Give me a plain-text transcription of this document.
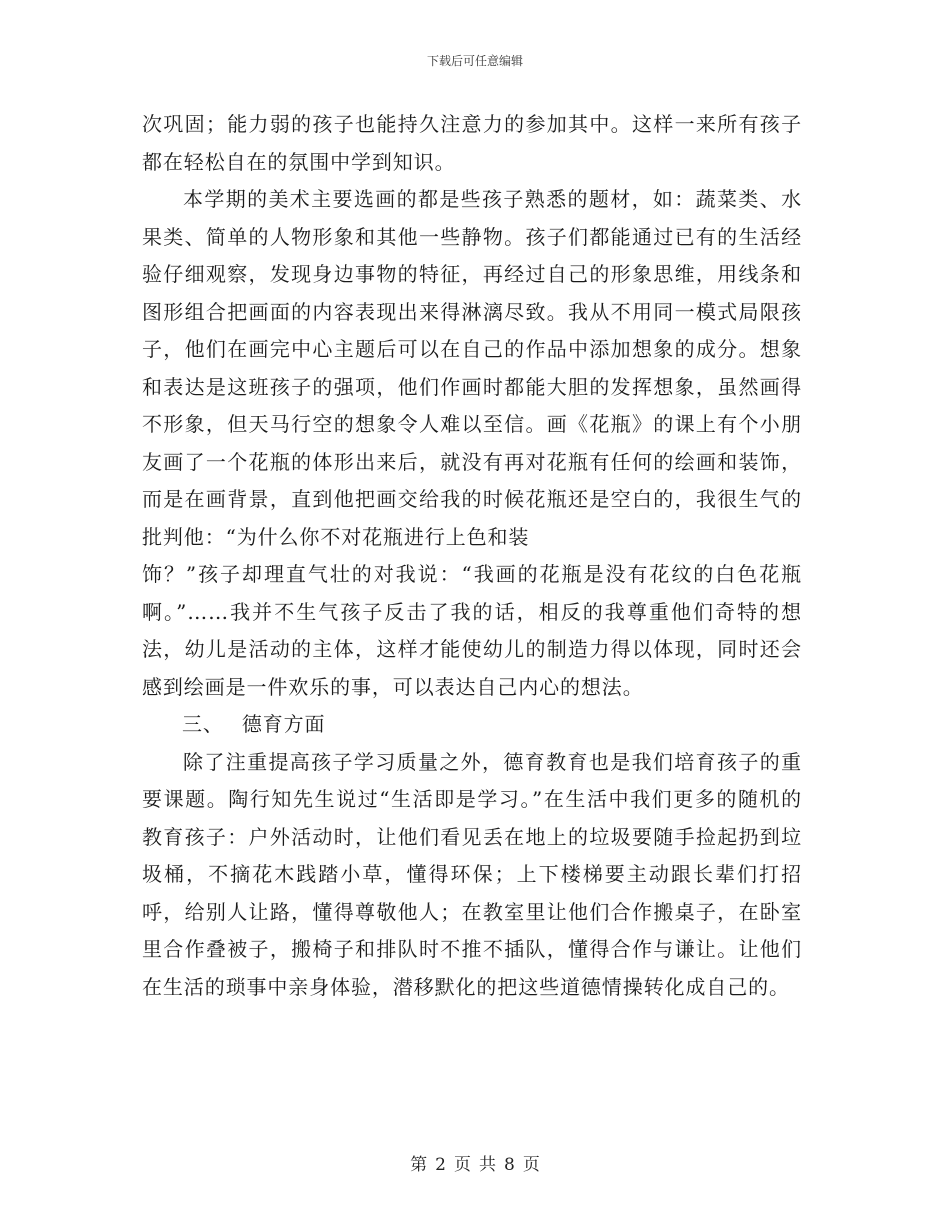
下载后可任意编辑

次巩固；能力弱的孩子也能持久注意力的参加其中。这样一来所有孩子都在轻松自在的氛围中学到知识。

本学期的美术主要选画的都是些孩子熟悉的题材，如：蔬菜类、水果类、简单的人物形象和其他一些静物。孩子们都能通过已有的生活经验仔细观察，发现身边事物的特征，再经过自己的形象思维，用线条和图形组合把画面的内容表现出来得淋漓尽致。我从不用同一模式局限孩子，他们在画完中心主题后可以在自己的作品中添加想象的成分。想象和表达是这班孩子的强项，他们作画时都能大胆的发挥想象，虽然画得不形象，但天马行空的想象令人难以至信。画《花瓶》的课上有个小朋友画了一个花瓶的体形出来后，就没有再对花瓶有任何的绘画和装饰，而是在画背景，直到他把画交给我的时候花瓶还是空白的，我很生气的批判他：“为什么你不对花瓶进行上色和装

饰？”孩子却理直气壮的对我说：“我画的花瓶是没有花纹的白色花瓶啊。”……我并不生气孩子反击了我的话，相反的我尊重他们奇特的想法，幼儿是活动的主体，这样才能使幼儿的制造力得以体现，同时还会感到绘画是一件欢乐的事，可以表达自己内心的想法。

三、 德育方面

除了注重提高孩子学习质量之外，德育教育也是我们培育孩子的重要课题。陶行知先生说过“生活即是学习。”在生活中我们更多的随机的教育孩子：户外活动时，让他们看见丢在地上的垃圾要随手捡起扔到垃圾桶，不摘花木践踏小草，懂得环保；上下楼梯要主动跟长辈们打招呼，给别人让路，懂得尊敬他人；在教室里让他们合作搬桌子，在卧室里合作叠被子，搬椅子和排队时不推不插队，懂得合作与谦让。让他们在生活的琐事中亲身体验，潜移默化的把这些道德情操转化成自己的。

第 2 页 共 8 页
